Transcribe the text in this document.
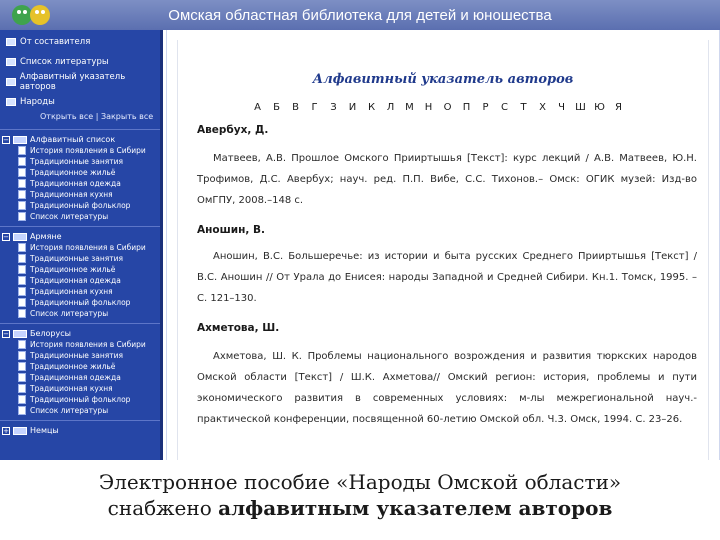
Омская областная библиотека для детей и юношества
От составителя
Список литературы
Алфавитный указатель авторов
Народы
Открыть все | Закрыть все
−	Алфавитный список
История появления в Сибири
Традиционные занятия
Традиционное жильё
Традиционная одежда
Традиционная кухня
Традиционный фольклор
Список литературы
−	Армяне
История появления в Сибири
Традиционные занятия
Традиционное жильё
Традиционная одежда
Традиционная кухня
Традиционный фольклор
Список литературы
−	Белорусы
История появления в Сибири
Традиционные занятия
Традиционное жильё
Традиционная одежда
Традиционная кухня
Традиционный фольклор
Список литературы
+	Немцы
Алфавитный указатель авторов
А	Б	В	Г	З	И	К	Л	М	Н	О	П	Р	С	Т	Х	Ч	Ш Ю	Я
Авербух, Д.
Матвеев, А.В. Прошлое Омского Прииртышья [Текст]: курс лекций / А.В. Матвеев, Ю.Н. Трофимов, Д.С. Авербух; науч. ред. П.П. Вибе, С.С. Тихонов.– Омск: ОГИК музей: Изд-во ОмГПУ, 2008.–148 с.
Аношин, В.
Аношин, В.С. Большеречье: из истории и быта русских Среднего Прииртышья [Текст] / В.С. Аношин // От Урала до Енисея: народы Западной и Средней Сибири. Кн.1. Томск, 1995. – С. 121–130.
Ахметова, Ш.
Ахметова, Ш. К. Проблемы национального возрождения и развития тюркских народов Омской области [Текст] / Ш.К. Ахметова// Омский регион: история, проблемы и пути экономического развития в современных условиях: м-лы межрегиональной науч.-практической конференции, посвященной 60-летию Омской обл. Ч.3. Омск, 1994. С. 23–26.
Электронное пособие «Народы Омской области»
снабжено алфавитным указателем авторов
